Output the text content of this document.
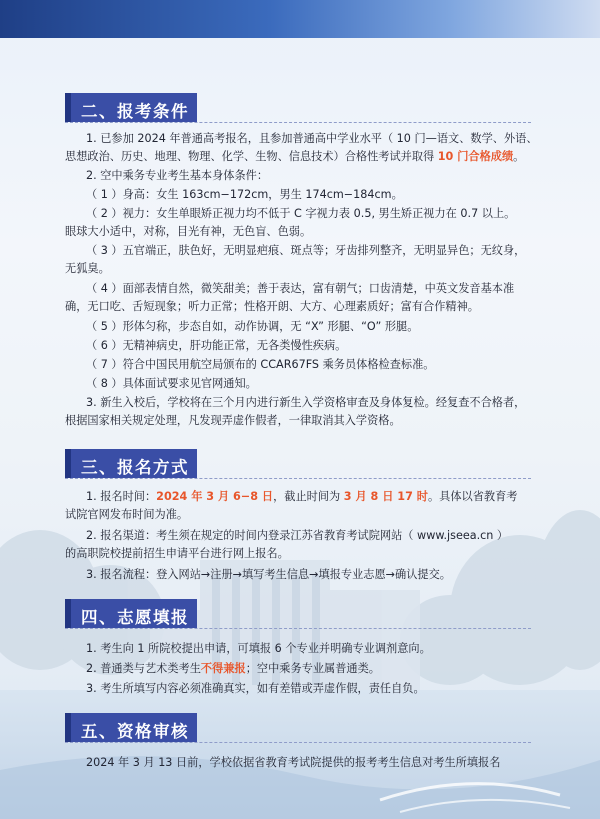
二、报考条件
1. 已参加 2024 年普通高考报名，且参加普通高中学业水平（ 10 门—语文、数学、外语、
思想政治、历史、地理、物理、化学、生物、信息技术）合格性考试并取得 10 门合格成绩。
2. 空中乘务专业考生基本身体条件：
（ 1 ）身高：女生 163cm−172cm，男生 174cm−184cm。
（ 2 ）视力：女生单眼矫正视力均不低于 C 字视力表 0.5, 男生矫正视力在 0.7 以上。
眼球大小适中，对称，目光有神，无色盲、色弱。
（ 3 ）五官端正，肤色好，无明显疤痕、斑点等；牙齿排列整齐，无明显异色；无纹身，
无狐臭。
（ 4 ）面部表情自然，微笑甜美；善于表达，富有朝气；口齿清楚，中英文发音基本准
确，无口吃、舌短现象；听力正常；性格开朗、大方、心理素质好；富有合作精神。
（ 5 ）形体匀称，步态自如，动作协调，无 “X” 形腿、“O” 形腿。
（ 6 ）无精神病史，肝功能正常，无各类慢性疾病。
（ 7 ）符合中国民用航空局颁布的 CCAR67FS 乘务员体格检查标准。
（ 8 ）具体面试要求见官网通知。
3. 新生入校后，学校将在三个月内进行新生入学资格审查及身体复检。经复查不合格者，
根据国家相关规定处理，凡发现弄虚作假者，一律取消其入学资格。
三、报名方式
1. 报名时间：2024 年 3 月 6−8 日，截止时间为 3 月 8 日 17 时。具体以省教育考
试院官网发布时间为准。
2. 报名渠道：考生须在规定的时间内登录江苏省教育考试院网站（ www.jseea.cn ）
的高职院校提前招生申请平台进行网上报名。
3. 报名流程：登入网站→注册→填写考生信息→填报专业志愿→确认提交。
四、志愿填报
1. 考生向 1 所院校提出申请，可填报 6 个专业并明确专业调剂意向。
2. 普通类与艺术类考生不得兼报；空中乘务专业属普通类。
3. 考生所填写内容必须准确真实，如有差错或弄虚作假，责任自负。
五、资格审核
2024 年 3 月 13 日前，学校依据省教育考试院提供的报考考生信息对考生所填报名
